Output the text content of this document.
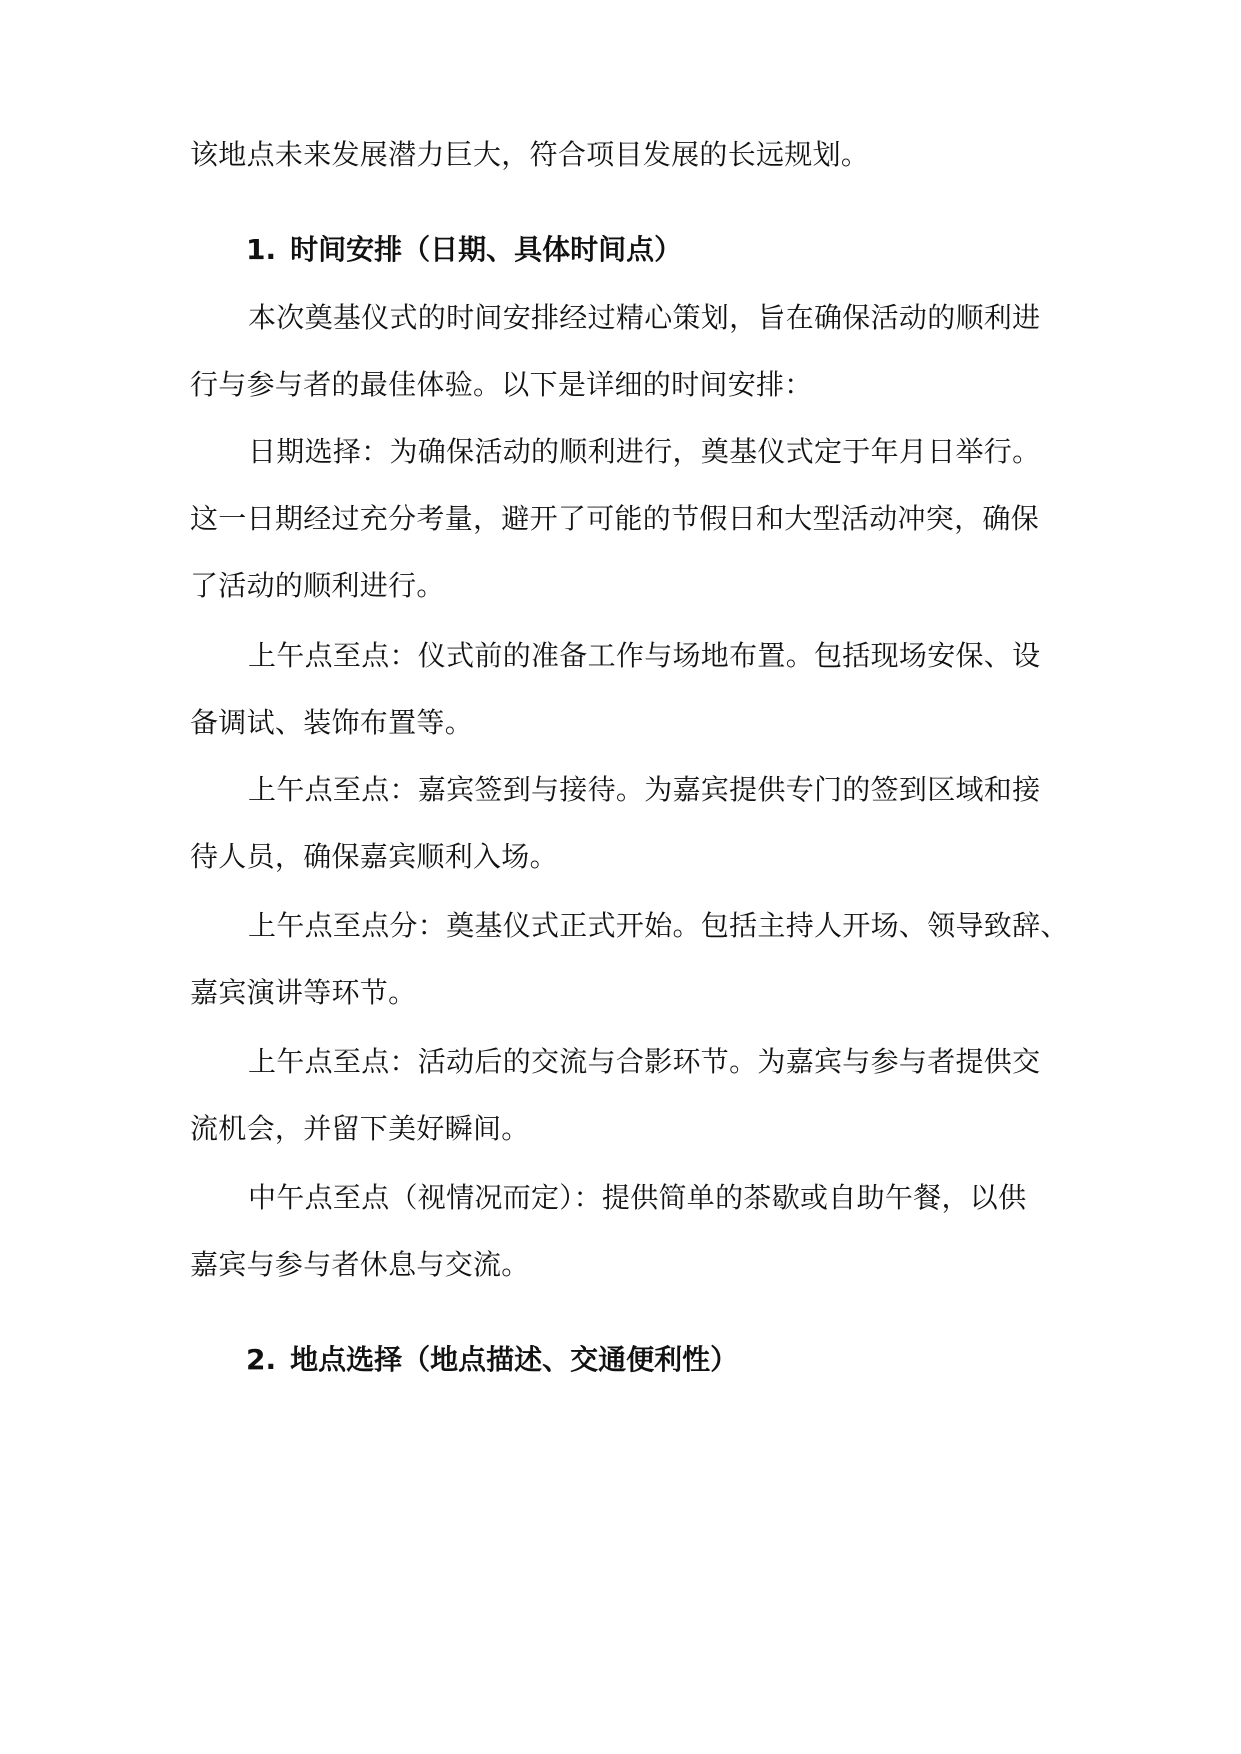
该地点未来发展潜力巨大，符合项目发展的长远规划。
1. 时间安排（日期、具体时间点）
本次奠基仪式的时间安排经过精心策划，旨在确保活动的顺利进
行与参与者的最佳体验。以下是详细的时间安排：
日期选择：为确保活动的顺利进行，奠基仪式定于年月日举行。
这一日期经过充分考量，避开了可能的节假日和大型活动冲突，确保
了活动的顺利进行。
上午点至点：仪式前的准备工作与场地布置。包括现场安保、设
备调试、装饰布置等。
上午点至点：嘉宾签到与接待。为嘉宾提供专门的签到区域和接
待人员，确保嘉宾顺利入场。
上午点至点分：奠基仪式正式开始。包括主持人开场、领导致辞、
嘉宾演讲等环节。
上午点至点：活动后的交流与合影环节。为嘉宾与参与者提供交
流机会，并留下美好瞬间。
中午点至点（视情况而定）：提供简单的茶歇或自助午餐，以供
嘉宾与参与者休息与交流。
2. 地点选择（地点描述、交通便利性）
